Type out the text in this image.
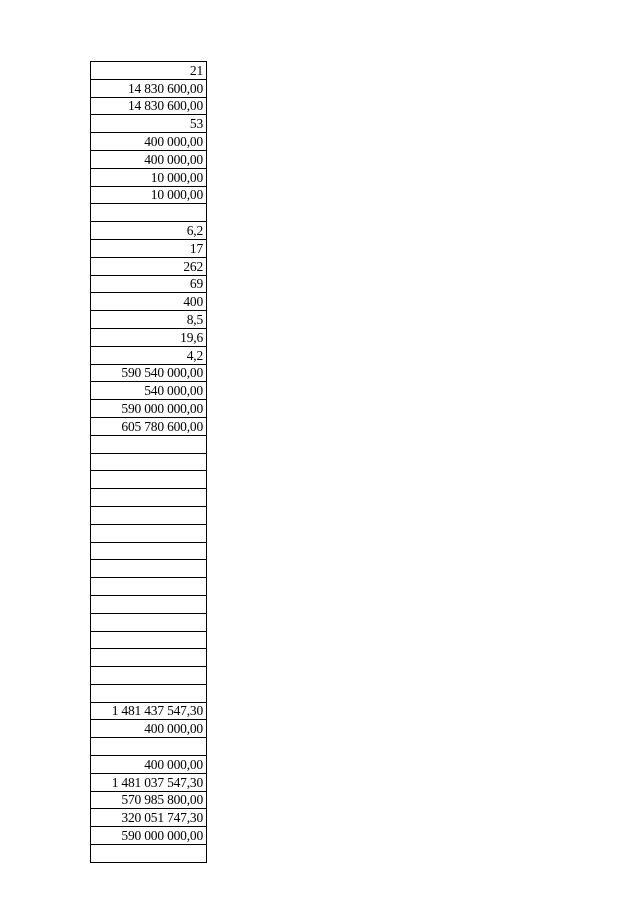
21
14 830 600,00
14 830 600,00
53
400 000,00
400 000,00
10 000,00
10 000,00

6,2
17
262
69
400
8,5
19,6
4,2
590 540 000,00
540 000,00
590 000 000,00
605 780 600,00

1 481 437 547,30
400 000,00

400 000,00
1 481 037 547,30
570 985 800,00
320 051 747,30
590 000 000,00
